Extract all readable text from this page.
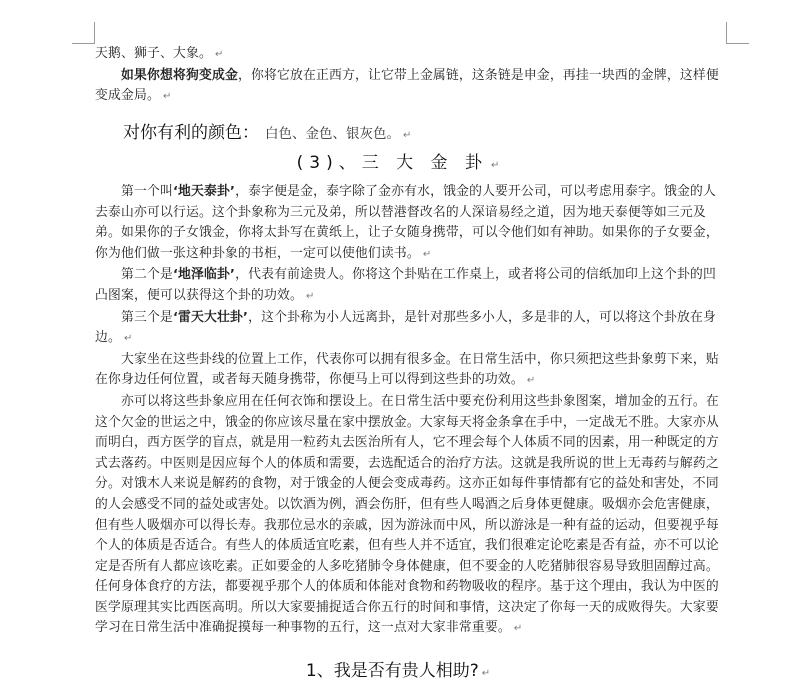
天鹅、狮子、大象。 ↵

如果你想将狗变成金，你将它放在正西方，让它带上金属链，这条链是申金，再挂一块西的金牌，这样便变成金局。 ↵

对你有利的颜色： 白色、金色、银灰色。 ↵
(3)、三 大 金 卦 ↵

第一个叫‘地天泰卦’，泰字便是金，泰字除了金亦有水，饿金的人要开公司，可以考虑用泰字。饿金的人去泰山亦可以行运。这个卦象称为三元及弟，所以替港督改名的人深谙易经之道，因为地天泰便等如三元及弟。如果你的子女饿金，你将太卦写在黄纸上，让子女随身携带，可以令他们如有神助。如果你的子女要金，你为他们做一张这种卦象的书柜，一定可以使他们读书。 ↵

第二个是‘地泽临卦’，代表有前途贵人。你将这个卦贴在工作桌上，或者将公司的信纸加印上这个卦的凹凸图案，便可以获得这个卦的功效。 ↵

第三个是‘雷天大壮卦’，这个卦称为小人远离卦，是针对那些多小人，多是非的人，可以将这个卦放在身边。 ↵

大家坐在这些卦线的位置上工作，代表你可以拥有很多金。在日常生活中，你只须把这些卦象剪下来，贴在你身边任何位置，或者每天随身携带，你便马上可以得到这些卦的功效。 ↵

亦可以将这些卦象应用在任何衣饰和摆设上。在日常生活中要充份利用这些卦象图案，增加金的五行。在这个欠金的世运之中，饿金的你应该尽量在家中摆放金。大家每天将金条拿在手中，一定战无不胜。大家亦从而明白，西方医学的盲点，就是用一粒药丸去医治所有人，它不理会每个人体质不同的因素，用一种既定的方式去落药。中医则是因应每个人的体质和需要，去选配适合的治疗方法。这就是我所说的世上无毒药与解药之分。对饿木人来说是解药的食物，对于饿金的人便会变成毒药。这亦正如每件事情都有它的益处和害处，不同的人会感受不同的益处或害处。以饮酒为例，酒会伤肝，但有些人喝酒之后身体更健康。吸烟亦会危害健康，但有些人吸烟亦可以得长寿。我那位忌水的亲戚，因为游泳而中风，所以游泳是一种有益的运动，但要视乎每个人的体质是否适合。有些人的体质适宜吃素，但有些人并不适宜，我们很难定论吃素是否有益，亦不可以论定是否所有人都应该吃素。正如要金的人多吃猪肺令身体健康，但不要金的人吃猪肺很容易导致胆固醇过高。任何身体食疗的方法，都要视乎那个人的体质和体能对食物和药物吸收的程序。基于这个理由，我认为中医的医学原理其实比西医高明。所以大家要捕捉适合你五行的时间和事情，这决定了你每一天的成败得失。大家要学习在日常生活中准确捉摸每一种事物的五行，这一点对大家非常重要。 ↵

1、我是否有贵人相助? ↵
